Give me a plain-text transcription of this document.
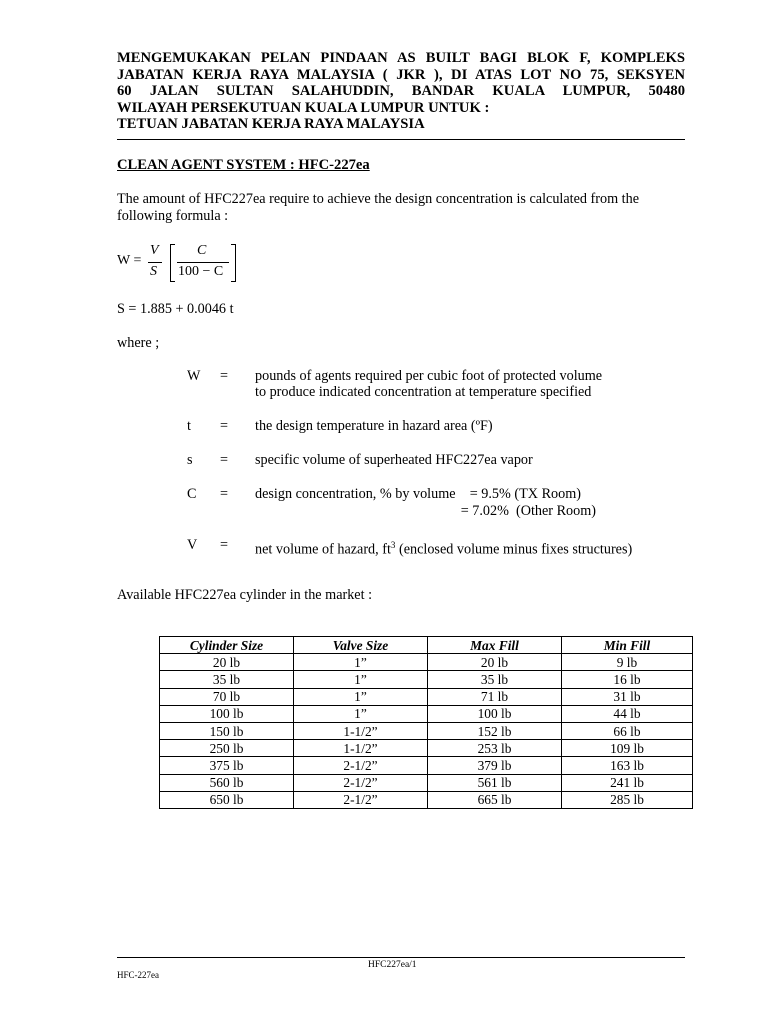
MENGEMUKAKAN PELAN PINDAAN AS BUILT BAGI BLOK F, KOMPLEKS
JABATAN KERJA RAYA MALAYSIA ( JKR ), DI ATAS LOT NO 75, SEKSYEN
60 JALAN SULTAN SALAHUDDIN, BANDAR KUALA LUMPUR, 50480
WILAYAH PERSEKUTUAN KUALA LUMPUR UNTUK :
TETUAN JABATAN KERJA RAYA MALAYSIA
CLEAN AGENT SYSTEM : HFC-227ea
The amount of HFC227ea require to achieve the design concentration is calculated from the following formula :
W =
V
S
C
100 − C
S = 1.885 + 0.0046 t
where ;
W = pounds of agents required per cubic foot of protected volume
to produce indicated concentration at temperature specified
t = the design temperature in hazard area (ºF)
s = specific volume of superheated HFC227ea vapor
C = design concentration, % by volume    = 9.5% (TX Room)
= 7.02%  (Other Room)
V = net volume of hazard, $ft^3$ (enclosed volume minus fixes structures)
Available HFC227ea cylinder in the market :
Cylinder Size	Valve Size	Max Fill	Min Fill
20 lb	1”	20 lb	9 lb
35 lb	1”	35 lb	16 lb
70 lb	1”	71 lb	31 lb
100 lb	1”	100 lb	44 lb
150 lb	1-1/2”	152 lb	66 lb
250 lb	1-1/2”	253 lb	109 lb
375 lb	2-1/2”	379 lb	163 lb
560 lb	2-1/2”	561 lb	241 lb
650 lb	2-1/2”	665 lb	285 lb
HFC227ea/1
HFC-227ea
